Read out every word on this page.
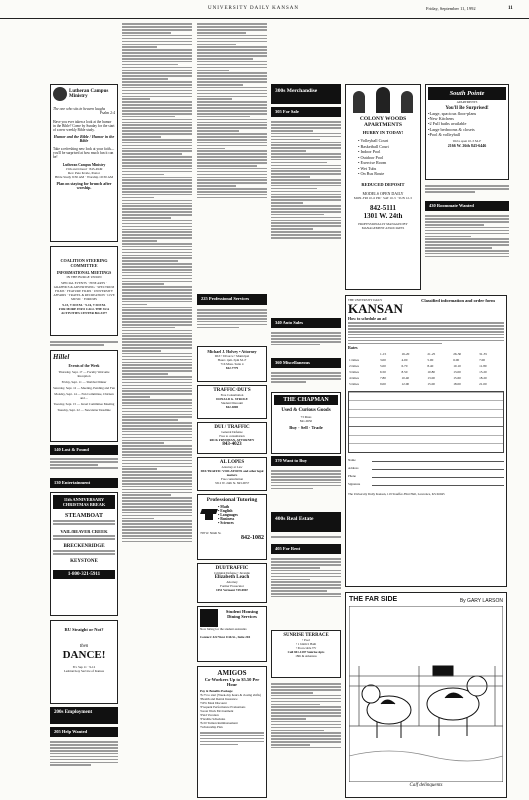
UNIVERSITY DAILY KANSAN	Friday, September 11, 1992	11
Lutheran Campus Ministry
The one who sits in heaven laughs
Psalm 2:4
Have you ever taken a look at the humor in the Bible? Come by Sunday for the start of a new weekly Bible study.
Humor and the Bible / Humor in the Bible
Take a refreshing new look at your faith—you'll be surprised at how much fun it can be!
Lutheran Campus Ministry
15th and Oread · 843-4949
Rev. Pete Kvale, Pastor
Bible Study 9:30 AM · Worship 10:30 AM
Plan on staying for brunch after worship.
COALITION STEERING COMMITTEE
INFORMATIONAL MEETINGS
IN THE BURGE UNION
SPECIAL EVENTS · FINE ARTS · GRAPHICS & ADVERTISING · SPECTRUM FILMS · FEATURE FILMS · UNIVERSITY AFFAIRS · TRAVEL & RECREATION · LIVE MUSIC · FORUMS
9-15, 7:30 P.M. · 9-16, 7:30 P.M.
FOR MORE INFO CALL THE SUA ACTIVITIES CENTER 864-3477
Hillel
Events of the Week
Thursday, Sept. 17 — Faculty Welcome Reception
Friday, Sept. 11 — Shabbat Dinner
Saturday, Sept. 12 — Meeting, Pending and Fun
Monday, Sept. 14 — Fun Committee, Chicken and ...
Tuesday, Sept. 15 — Israel Committee Meeting
Tuesday, Sept. 22 — Newsletter Deadline
140 Lost & Found
130 Entertainment
11th ANNIVERSARY CHRISTMAS BREAK
STEAMBOAT
VAIL/BEAVER CREEK
BRECKENRIDGE
KEYSTONE
1-800-321-5911
RU Straight or Not?
then
DANCE!
Fri. Sep 11 · 9-12
Lesbian/Gay Service of Kansas
200s Employment
205 Help Wanted
225 Professional Services
Michael J. Holvey • Attorney
DUI • Divorce • Municipal
Hours 1pm–5pm M–F
716 Mass. Suite 4
842-7779
TRAFFIC·DUI'S
Free Consultation
DONALD G. STROLE
Student Discount
842-4800
DUI / TRAFFIC
General Defense
Free to consultation
RICK FRYDMAN, ATTORNEY
843-4023
AL LOPES
Attorney at Law
DUI/TRAFFIC VIOLATIONS and other legal matters
Free consultation
3312 W. 24th St. 843-0057
Professional Tutoring
• Math
• English
• Languages
• Business
• Sciences
708 W. Ninth St.
842-1082
DUI/TRAFFIC
Criminal Defense • Juvenile
Elizabeth Leach
Attorney
Former Prosecutor
1051 Vermont 749-0867
Student Housing Dining Services
Now hiring for the student assistants
Contact: 422 West 11th St., Suite 204
AMIGOS
Co-Workers Up to $5.50 Per Hour
Pay & Benefits Package
•$.75 to start (Week-day hours & closing shifts)
•Health and Dental Insurance
•50% Meal Discount
•Frequent Performance Evaluations
•Great Work Environment
•Paid Vacation
•Flexible Schedules
•$.50 Tuition Reimbursement
•Scholarship Plan
300s Merchandise
305 For Sale
340 Auto Sales
360 Miscellaneous
THE CHAPMAN
Used & Curious Goods
73 Mass
841-0650
Buy · Sell · Trade
370 Want to Buy
400s Real Estate
405 For Rent
SUNRISE TERRACE
• Pool
• 1 bdrm/1 Bath
• Pool-cable TV
Call 841-1287 Sunrise Apts
18th & Arkansas
COLONY WOODS APARTMENTS
HURRY IN TODAY!
• Volleyball Court
• Basketball Court
• Indoor Pool
• Outdoor Pool
• Exercise Room
• Wet Tubs
• On Bus Route
REDUCED DEPOSIT
MODELS OPEN DAILY
MON–FRI 10–6 PM · SAT 10–5 · SUN 12–5
842-5111
1301 W. 24th
PROFESSIONALLY MANAGED BY MANAGEMENT ASSOCIATES
THE UNIVERSITY DAILY
KANSAN
Classified information and order form
How to schedule an ad
Rates
	1-15	16-20	21-25	26-30	31-35
1 times	3.00	4.00	5.00	6.00	7.00
2 times	5.00	6.70	8.40	10.10	11.80
3 times	6.50	8.50	10.80	13.00	15.20
4 times	7.80	10.40	13.00	15.60	18.20
5 times	9.00	12.00	15.00	18.00	21.00
Name
Address
Phone
Signature
The University Daily Kansan, 119 Stauffer-Flint Hall, Lawrence, KS 66045
South Pointe
APARTMENTS
You'll Be Surprised!
•Large, spacious floor-plans
•New Kitchens
•2 Full baths available
•Large bedrooms & closets
•Pool & volleyball
We're open 10–5 M–F
2166 W. 26th 843-6446
430 Roommate Wanted
THE FAR SIDE	By GARY LARSON
Calf delinquents
